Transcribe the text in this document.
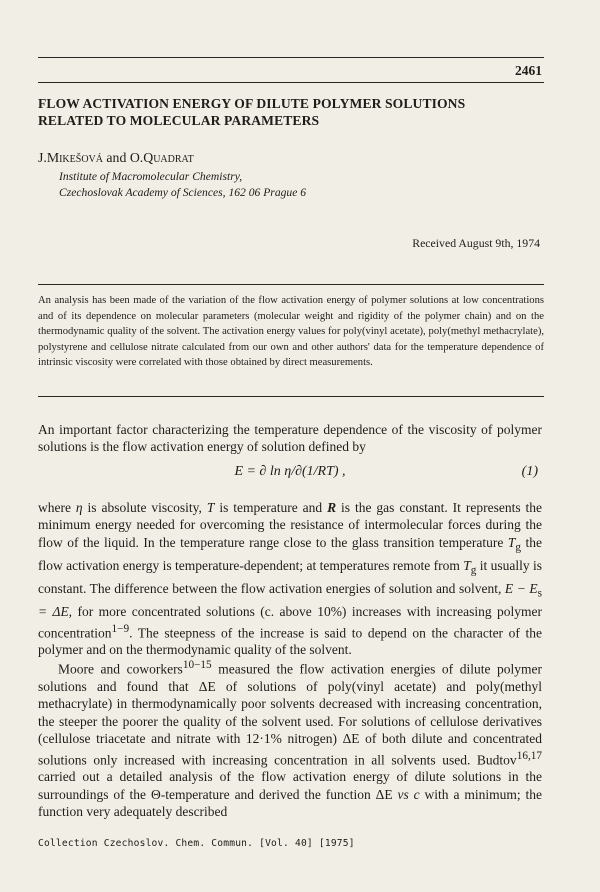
2461
FLOW ACTIVATION ENERGY OF DILUTE POLYMER SOLUTIONS
RELATED TO MOLECULAR PARAMETERS
J.Mikešová and O.Quadrat
Institute of Macromolecular Chemistry,
Czechoslovak Academy of Sciences, 162 06 Prague 6
Received August 9th, 1974

An analysis has been made of the variation of the flow activation energy of polymer solutions at low concentrations and of its dependence on molecular parameters (molecular weight and rigidity of the polymer chain) and on the thermodynamic quality of the solvent. The activation energy values for poly(vinyl acetate), poly(methyl methacrylate), polystyrene and cellulose nitrate calculated from our own and other authors' data for the temperature dependence of intrinsic viscosity were correlated with those obtained by direct measurements.

An important factor characterizing the temperature dependence of the viscosity of polymer solutions is the flow activation energy of solution defined by

E = ∂ ln η/∂(1/RT) ,	(1)

where η is absolute viscosity, T is temperature and R is the gas constant. It represents the minimum energy needed for overcoming the resistance of intermolecular forces during the flow of the liquid. In the temperature range close to the glass transition temperature $T_g$ the flow activation energy is temperature-dependent; at temperatures remote from $T_g$ it usually is constant. The difference between the flow activation energies of solution and solvent, $E - E_s = \Delta E$, for more concentrated solutions (c. above 10%) increases with increasing polymer concentration$^{1-9}$. The steepness of the increase is said to depend on the character of the polymer and on the thermodynamic quality of the solvent.

Moore and coworkers$^{10-15}$ measured the flow activation energies of dilute polymer solutions and found that ΔE of solutions of poly(vinyl acetate) and poly(methyl methacrylate) in thermodynamically poor solvents decreased with increasing concentration, the steeper the poorer the quality of the solvent used. For solutions of cellulose derivatives (cellulose triacetate and nitrate with 12·1% nitrogen) ΔE of both dilute and concentrated solutions only increased with increasing concentration in all solvents used. Budtov$^{16,17}$ carried out a detailed analysis of the flow activation energy of dilute solutions in the surroundings of the Θ-temperature and derived the function ΔE vs c with a minimum; the function very adequately described

Collection Czechoslov. Chem. Commun. [Vol. 40] [1975]
